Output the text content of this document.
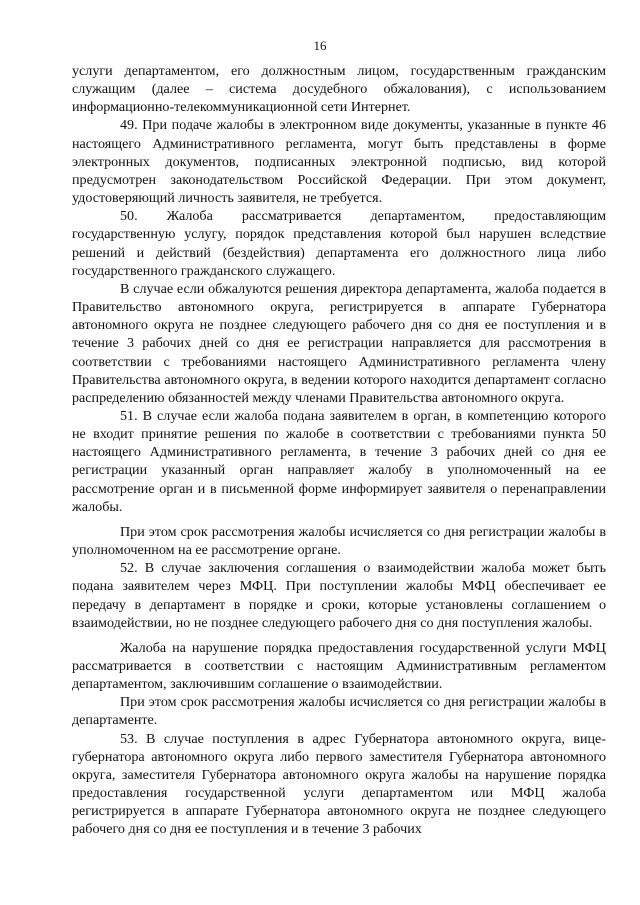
16

услуги департаментом, его должностным лицом, государственным гражданским служащим (далее – система досудебного обжалования), с использованием информационно-телекоммуникационной сети Интернет.

49. При подаче жалобы в электронном виде документы, указанные в пункте 46 настоящего Административного регламента, могут быть представлены в форме электронных документов, подписанных электронной подписью, вид которой предусмотрен законодательством Российской Федерации. При этом документ, удостоверяющий личность заявителя, не требуется.

50. Жалоба рассматривается департаментом, предоставляющим государственную услугу, порядок представления которой был нарушен вследствие решений и действий (бездействия) департамента его должностного лица либо государственного гражданского служащего.

В случае если обжалуются решения директора департамента, жалоба подается в Правительство автономного округа, регистрируется в аппарате Губернатора автономного округа не позднее следующего рабочего дня со дня ее поступления и в течение 3 рабочих дней со дня ее регистрации направляется для рассмотрения в соответствии с требованиями настоящего Административного регламента члену Правительства автономного округа, в ведении которого находится департамент согласно распределению обязанностей между членами Правительства автономного округа.

51. В случае если жалоба подана заявителем в орган, в компетенцию которого не входит принятие решения по жалобе в соответствии с требованиями пункта 50 настоящего Административного регламента, в течение 3 рабочих дней со дня ее регистрации указанный орган направляет жалобу в уполномоченный на ее рассмотрение орган и в письменной форме информирует заявителя о перенаправлении жалобы.

При этом срок рассмотрения жалобы исчисляется со дня регистрации жалобы в уполномоченном на ее рассмотрение органе.

52. В случае заключения соглашения о взаимодействии жалоба может быть подана заявителем через МФЦ. При поступлении жалобы МФЦ обеспечивает ее передачу в департамент в порядке и сроки, которые установлены соглашением о взаимодействии, но не позднее следующего рабочего дня со дня поступления жалобы.

Жалоба на нарушение порядка предоставления государственной услуги МФЦ рассматривается в соответствии с настоящим Административным регламентом департаментом, заключившим соглашение о взаимодействии.

При этом срок рассмотрения жалобы исчисляется со дня регистрации жалобы в департаменте.

53. В случае поступления в адрес Губернатора автономного округа, вице-губернатора автономного округа либо первого заместителя Губернатора автономного округа, заместителя Губернатора автономного округа жалобы на нарушение порядка предоставления государственной услуги департаментом или МФЦ жалоба регистрируется в аппарате Губернатора автономного округа не позднее следующего рабочего дня со дня ее поступления и в течение 3 рабочих
